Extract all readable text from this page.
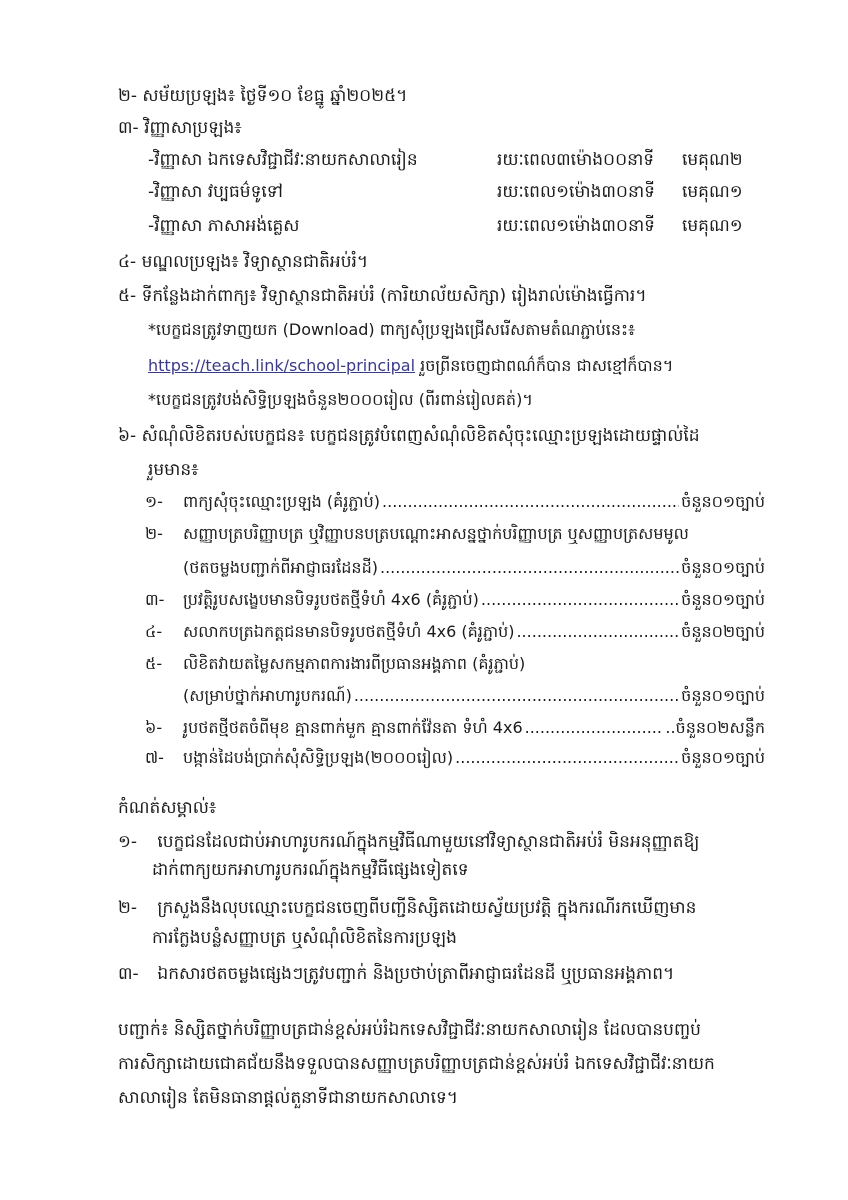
២- សម័យប្រឡង៖ ថ្ងៃទី១០ ខែធ្នូ ឆ្នាំ២០២៥។
៣- វិញ្ញាសាប្រឡង៖
-វិញ្ញាសា ឯកទេសវិជ្ជាជីវៈនាយកសាលារៀន	រយៈពេល៣ម៉ោង០០នាទី មេគុណ២
-វិញ្ញាសា វប្បធម៌ទូទៅ	រយៈពេល១ម៉ោង៣០នាទី មេគុណ១
-វិញ្ញាសា ភាសាអង់គ្លេស	រយៈពេល១ម៉ោង៣០នាទី មេគុណ១
៤- មណ្ឌលប្រឡង៖ វិទ្យាស្ថានជាតិអប់រំ។
៥- ទីកន្លែងដាក់ពាក្យ៖ វិទ្យាស្ថានជាតិអប់រំ (ការិយាល័យសិក្សា) រៀងរាល់ម៉ោងធ្វើការ។
*បេក្ខជនត្រូវទាញយក (Download) ពាក្យសុំប្រឡងជ្រើសរើសតាមតំណភ្ជាប់នេះ៖
https://teach.link/school-principal រួចព្រីនចេញជាពណ៌ក៏បាន ជាសខ្មៅក៏បាន។
*បេក្ខជនត្រូវបង់សិទ្ធិប្រឡងចំនួន២០០០រៀល (ពីរពាន់រៀលគត់)។
៦- សំណុំលិខិតរបស់បេក្ខជន៖ បេក្ខជនត្រូវបំពេញសំណុំលិខិតសុំចុះឈ្មោះប្រឡងដោយផ្ទាល់ដៃ
រួមមាន៖
១-	ពាក្យសុំចុះឈ្មោះប្រឡង (គំរូភ្ជាប់) .....	ចំនួន០១ច្បាប់
២-	សញ្ញាបត្របរិញ្ញាបត្រ ឬវិញ្ញាបនបត្របណ្ដោះអាសន្នថ្នាក់បរិញ្ញាបត្រ ឬសញ្ញាបត្រសមមូល
(ថតចម្លងបញ្ជាក់ពីអាជ្ញាធរដែនដី) .....	ចំនួន០១ច្បាប់
៣-	ប្រវត្តិរូបសង្ខេបមានបិទរូបថតថ្មីទំហំ 4x6 (គំរូភ្ជាប់) .....	ចំនួន០១ច្បាប់
៤-	សលាកបត្រឯកត្តជនមានបិទរូបថតថ្មីទំហំ 4x6 (គំរូភ្ជាប់) .....	ចំនួន០២ច្បាប់
៥-	លិខិតវាយតម្លៃសកម្មភាពការងារពីប្រធានអង្គភាព (គំរូភ្ជាប់)
(សម្រាប់ថ្នាក់អាហារូបករណ៍) .....	ចំនួន០១ច្បាប់
៦-	រូបថតថ្មីថតចំពីមុខ គ្មានពាក់មួក គ្មានពាក់វ៉ែនតា ទំហំ 4x6 .....	..ចំនួន០២សន្លឹក
៧-	បង្កាន់ដៃបង់ប្រាក់សុំសិទ្ធិប្រឡង(២០០០រៀល) .....	ចំនួន០១ច្បាប់
កំណត់សម្គាល់៖
១- បេក្ខជនដែលជាប់អាហារូបករណ៍ក្នុងកម្មវិធីណាមួយនៅវិទ្យាស្ថានជាតិអប់រំ មិនអនុញ្ញាតឱ្យ
ដាក់ពាក្យយកអាហារូបករណ៍ក្នុងកម្មវិធីផ្សេងទៀតទេ
២- ក្រសួងនឹងលុបឈ្មោះបេក្ខជនចេញពីបញ្ជីនិស្សិតដោយស្វ័យប្រវត្តិ ក្នុងករណីរកឃើញមាន
ការក្លែងបន្លំសញ្ញាបត្រ ឬសំណុំលិខិតនៃការប្រឡង
៣- ឯកសារថតចម្លងផ្សេងៗត្រូវបញ្ជាក់ និងប្រថាប់ត្រាពីអាជ្ញាធរដែនដី ឬប្រធានអង្គភាព។
បញ្ជាក់៖ និស្សិតថ្នាក់បរិញ្ញាបត្រជាន់ខ្ពស់អប់រំឯកទេសវិជ្ជាជីវៈនាយកសាលារៀន ដែលបានបញ្ចប់
ការសិក្សាដោយជោគជ័យនឹងទទួលបានសញ្ញាបត្របរិញ្ញាបត្រជាន់ខ្ពស់អប់រំ ឯកទេសវិជ្ជាជីវៈនាយក
សាលារៀន តែមិនធានាផ្ដល់តួនាទីជានាយកសាលាទេ។
